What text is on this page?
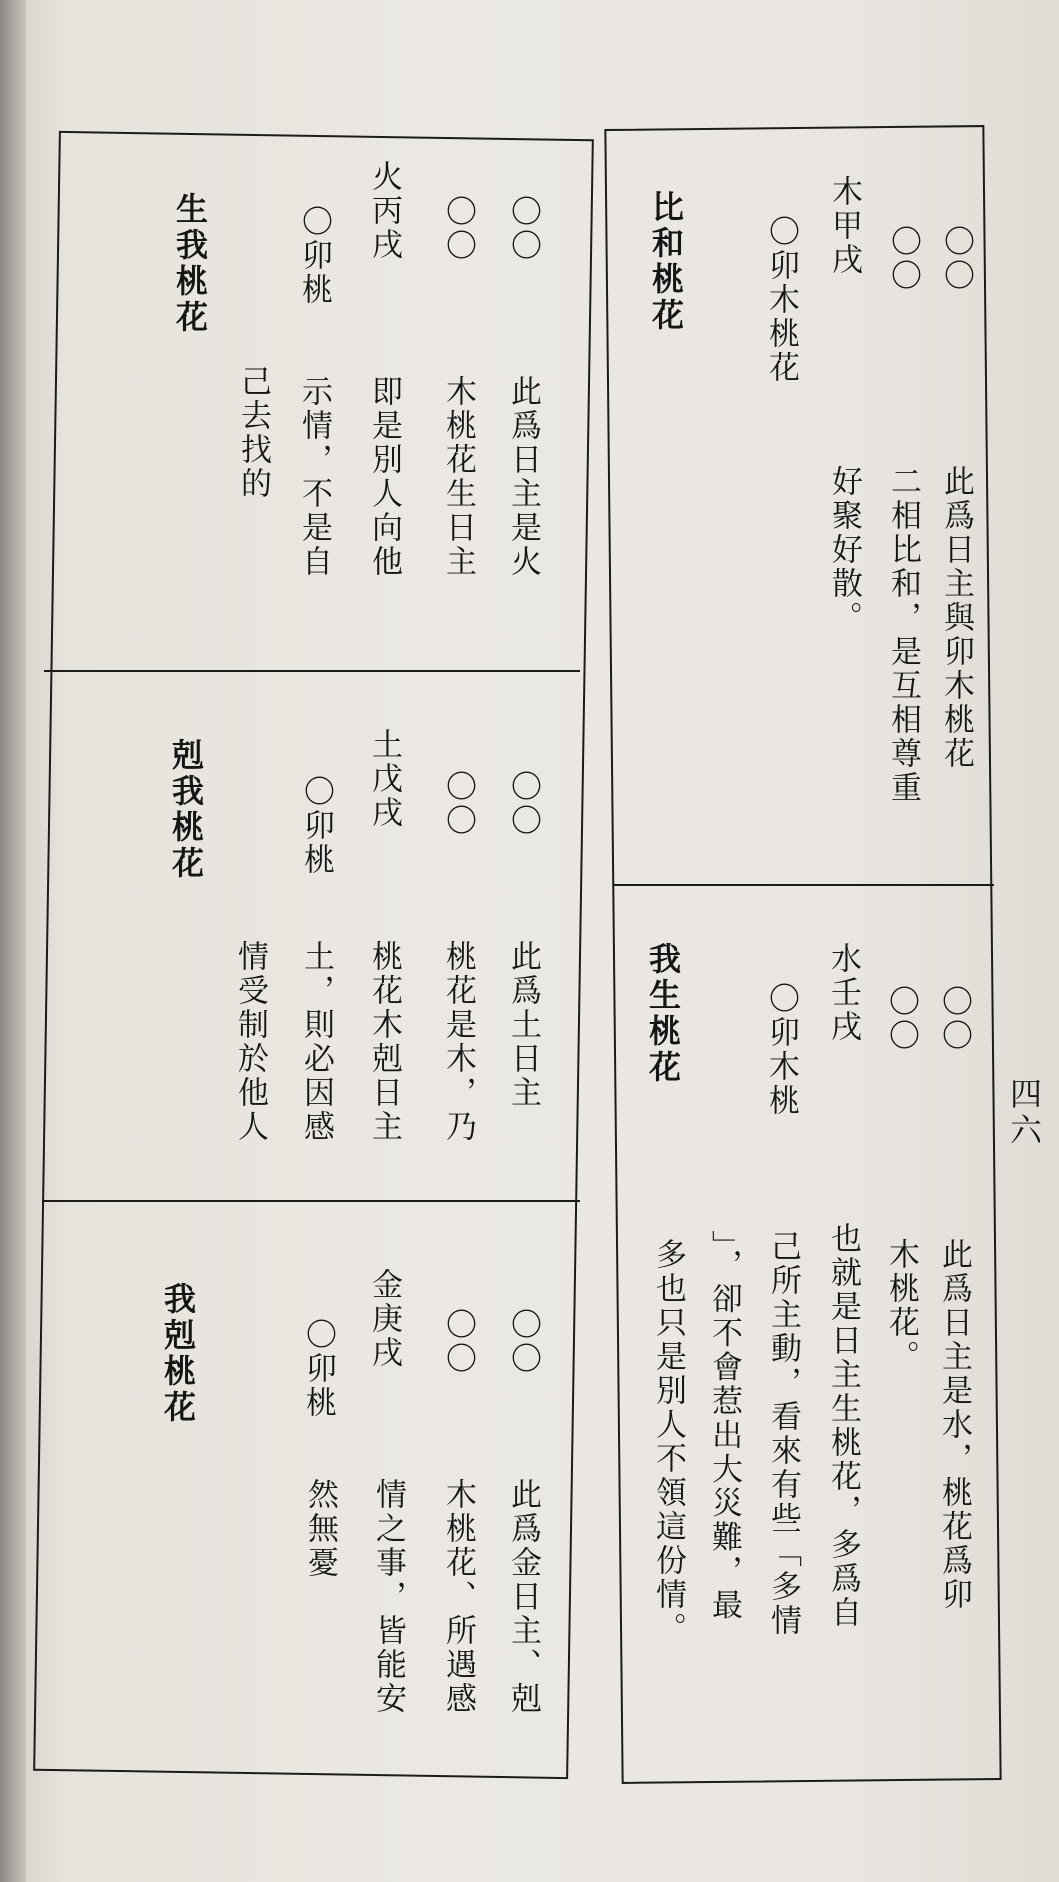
四六
〇〇
〇〇
木甲戌
〇卯木桃花
比和桃花
此爲日主與卯木桃花
二相比和，是互相尊重
好聚好散。
〇〇
〇〇
水壬戌
〇卯木桃
我生桃花
此爲日主是水，桃花爲卯
木桃花。
也就是日主生桃花，多爲自
己所主動，看來有些「多情
」，卻不會惹出大災難，最
多也只是別人不領這份情。
〇〇
〇〇
火丙戌
〇卯桃
生我桃花
此爲日主是火
木桃花生日主
即是別人向他
示情，不是自
己去找的
〇〇
〇〇
土戊戌
〇卯桃
剋我桃花
此爲土日主
桃花是木，乃
桃花木剋日主
土，則必因感
情受制於他人
〇〇
〇〇
金庚戌
〇卯桃
我剋桃花
此爲金日主、剋
木桃花、所遇感
情之事，皆能安
然無憂
